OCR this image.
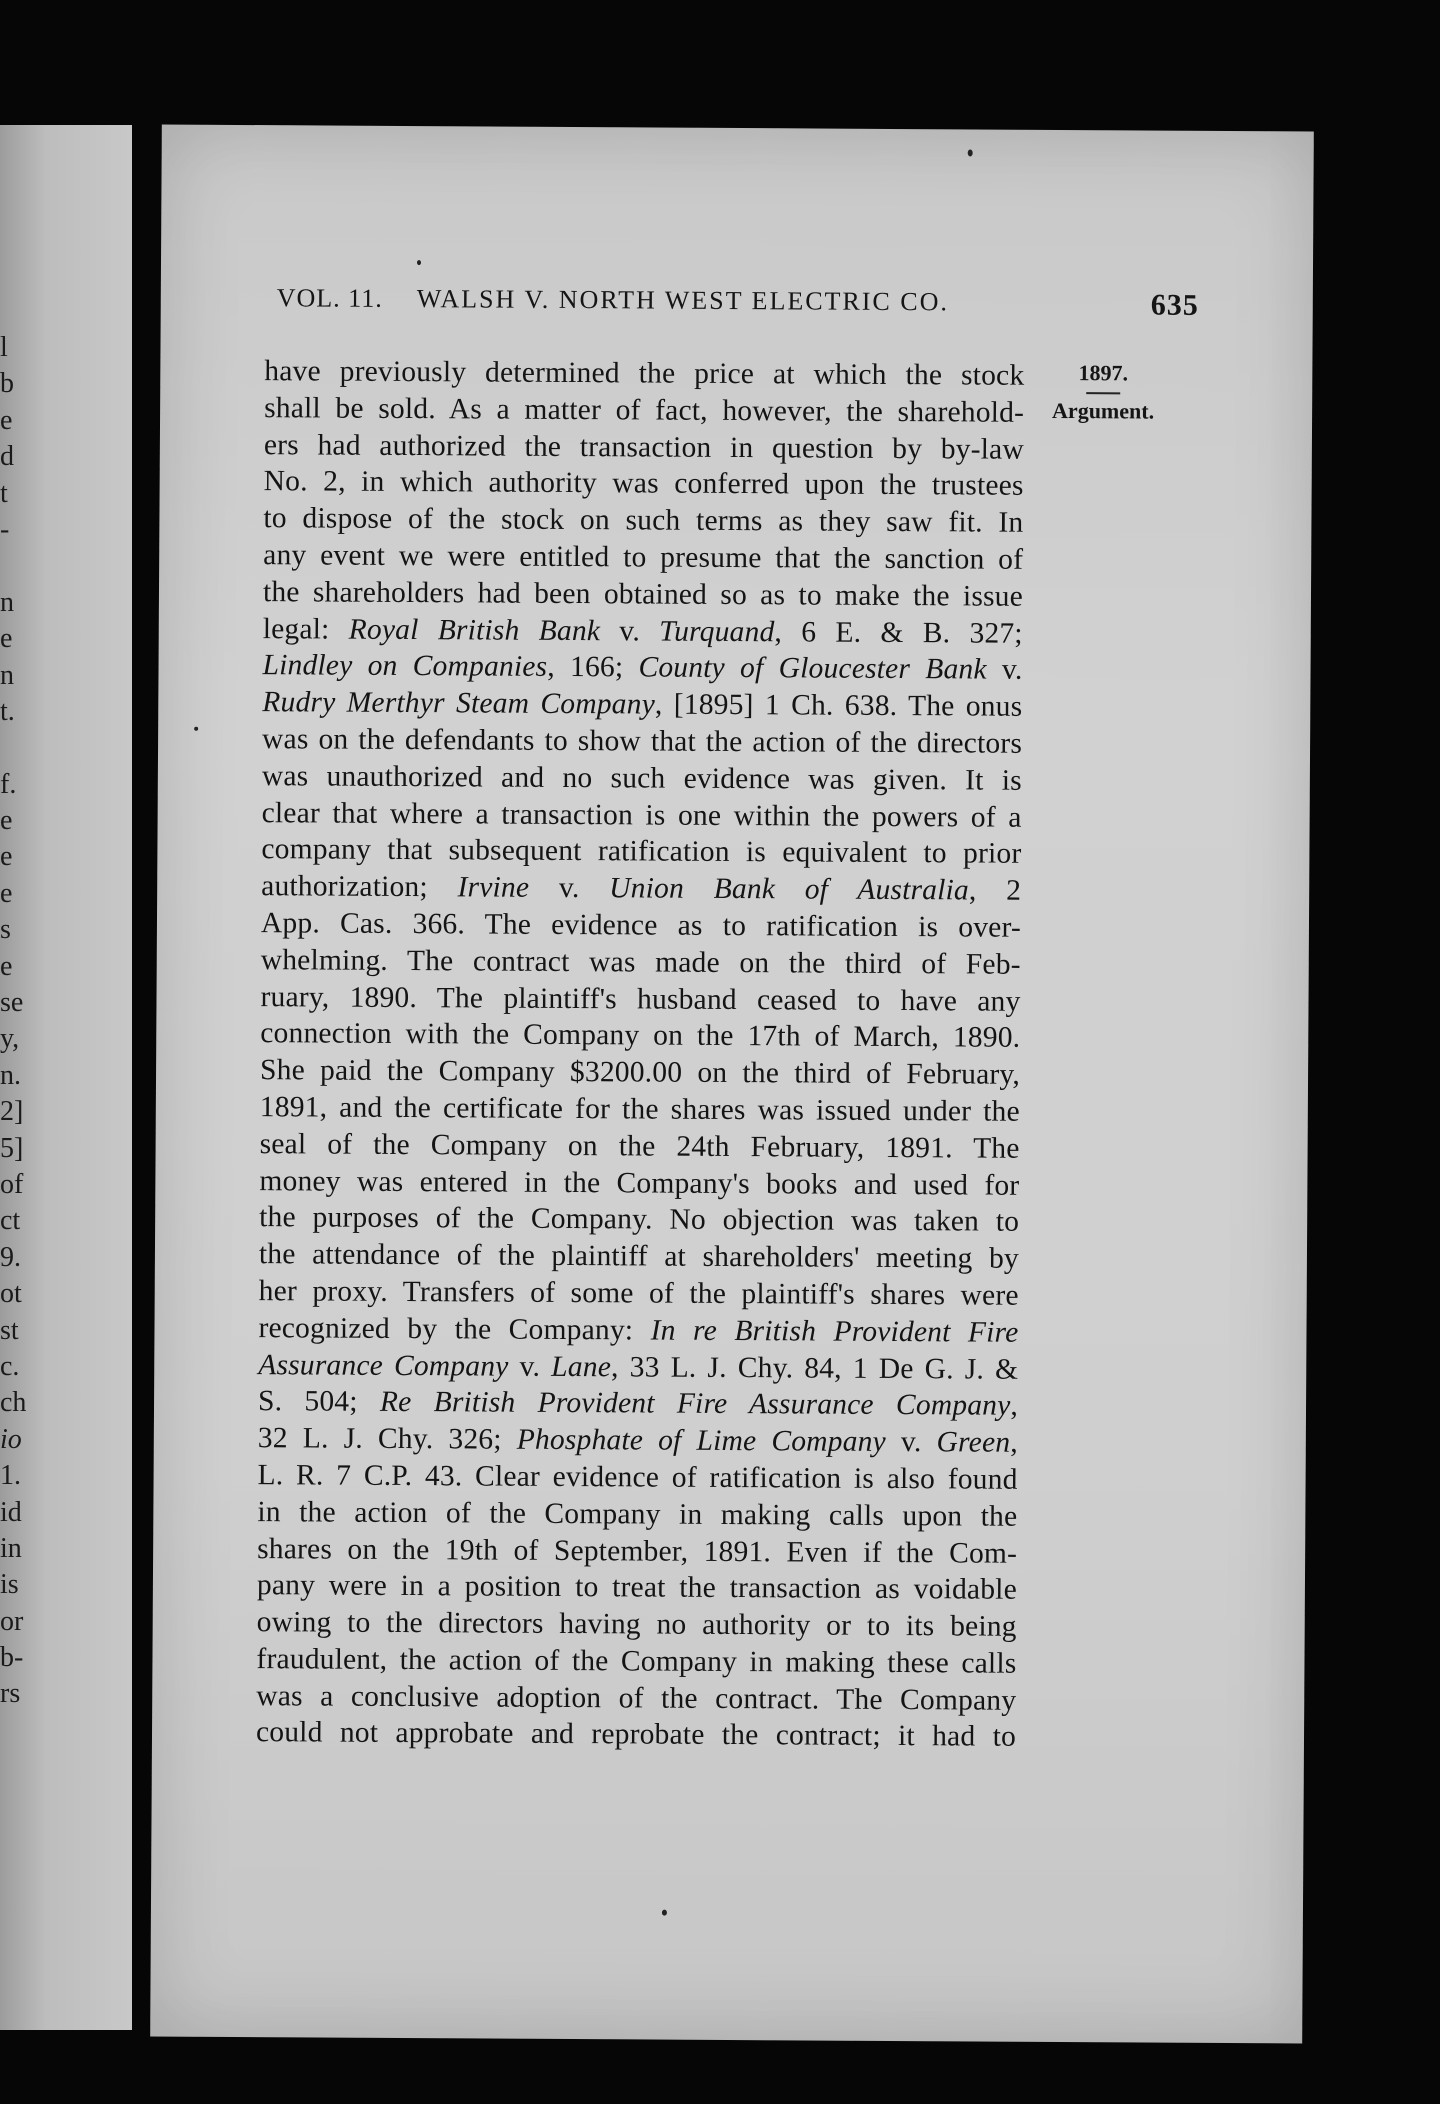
l
b
e
d
t
-
n
e
n
t.
f.
e
e
e
s
e
se
y,
n.
2]
5]
of
ct
9.
ot
st
c.
ch
io
1.
id
in
is
or
b-
rs
VOL. 11. WALSH V. NORTH WEST ELECTRIC CO.	635
have previously determined the price at which the stock
shall be sold. As a matter of fact, however, the sharehold-
ers had authorized the transaction in question by by-law
No. 2, in which authority was conferred upon the trustees
to dispose of the stock on such terms as they saw fit. In
any event we were entitled to presume that the sanction of
the shareholders had been obtained so as to make the issue
legal: Royal British Bank v. Turquand, 6 E. & B. 327;
Lindley on Companies, 166; County of Gloucester Bank v.
Rudry Merthyr Steam Company, [1895] 1 Ch. 638. The onus
was on the defendants to show that the action of the directors
was unauthorized and no such evidence was given. It is
clear that where a transaction is one within the powers of a
company that subsequent ratification is equivalent to prior
authorization; Irvine v. Union Bank of Australia, 2
App. Cas. 366. The evidence as to ratification is over-
whelming. The contract was made on the third of Feb-
ruary, 1890. The plaintiff's husband ceased to have any
connection with the Company on the 17th of March, 1890.
She paid the Company $3200.00 on the third of February,
1891, and the certificate for the shares was issued under the
seal of the Company on the 24th February, 1891. The
money was entered in the Company's books and used for
the purposes of the Company. No objection was taken to
the attendance of the plaintiff at shareholders' meeting by
her proxy. Transfers of some of the plaintiff's shares were
recognized by the Company: In re British Provident Fire
Assurance Company v. Lane, 33 L. J. Chy. 84, 1 De G. J. &
S. 504; Re British Provident Fire Assurance Company,
32 L. J. Chy. 326; Phosphate of Lime Company v. Green,
L. R. 7 C.P. 43. Clear evidence of ratification is also found
in the action of the Company in making calls upon the
shares on the 19th of September, 1891. Even if the Com-
pany were in a position to treat the transaction as voidable
owing to the directors having no authority or to its being
fraudulent, the action of the Company in making these calls
was a conclusive adoption of the contract. The Company
could not approbate and reprobate the contract; it had to
1897.
Argument.
